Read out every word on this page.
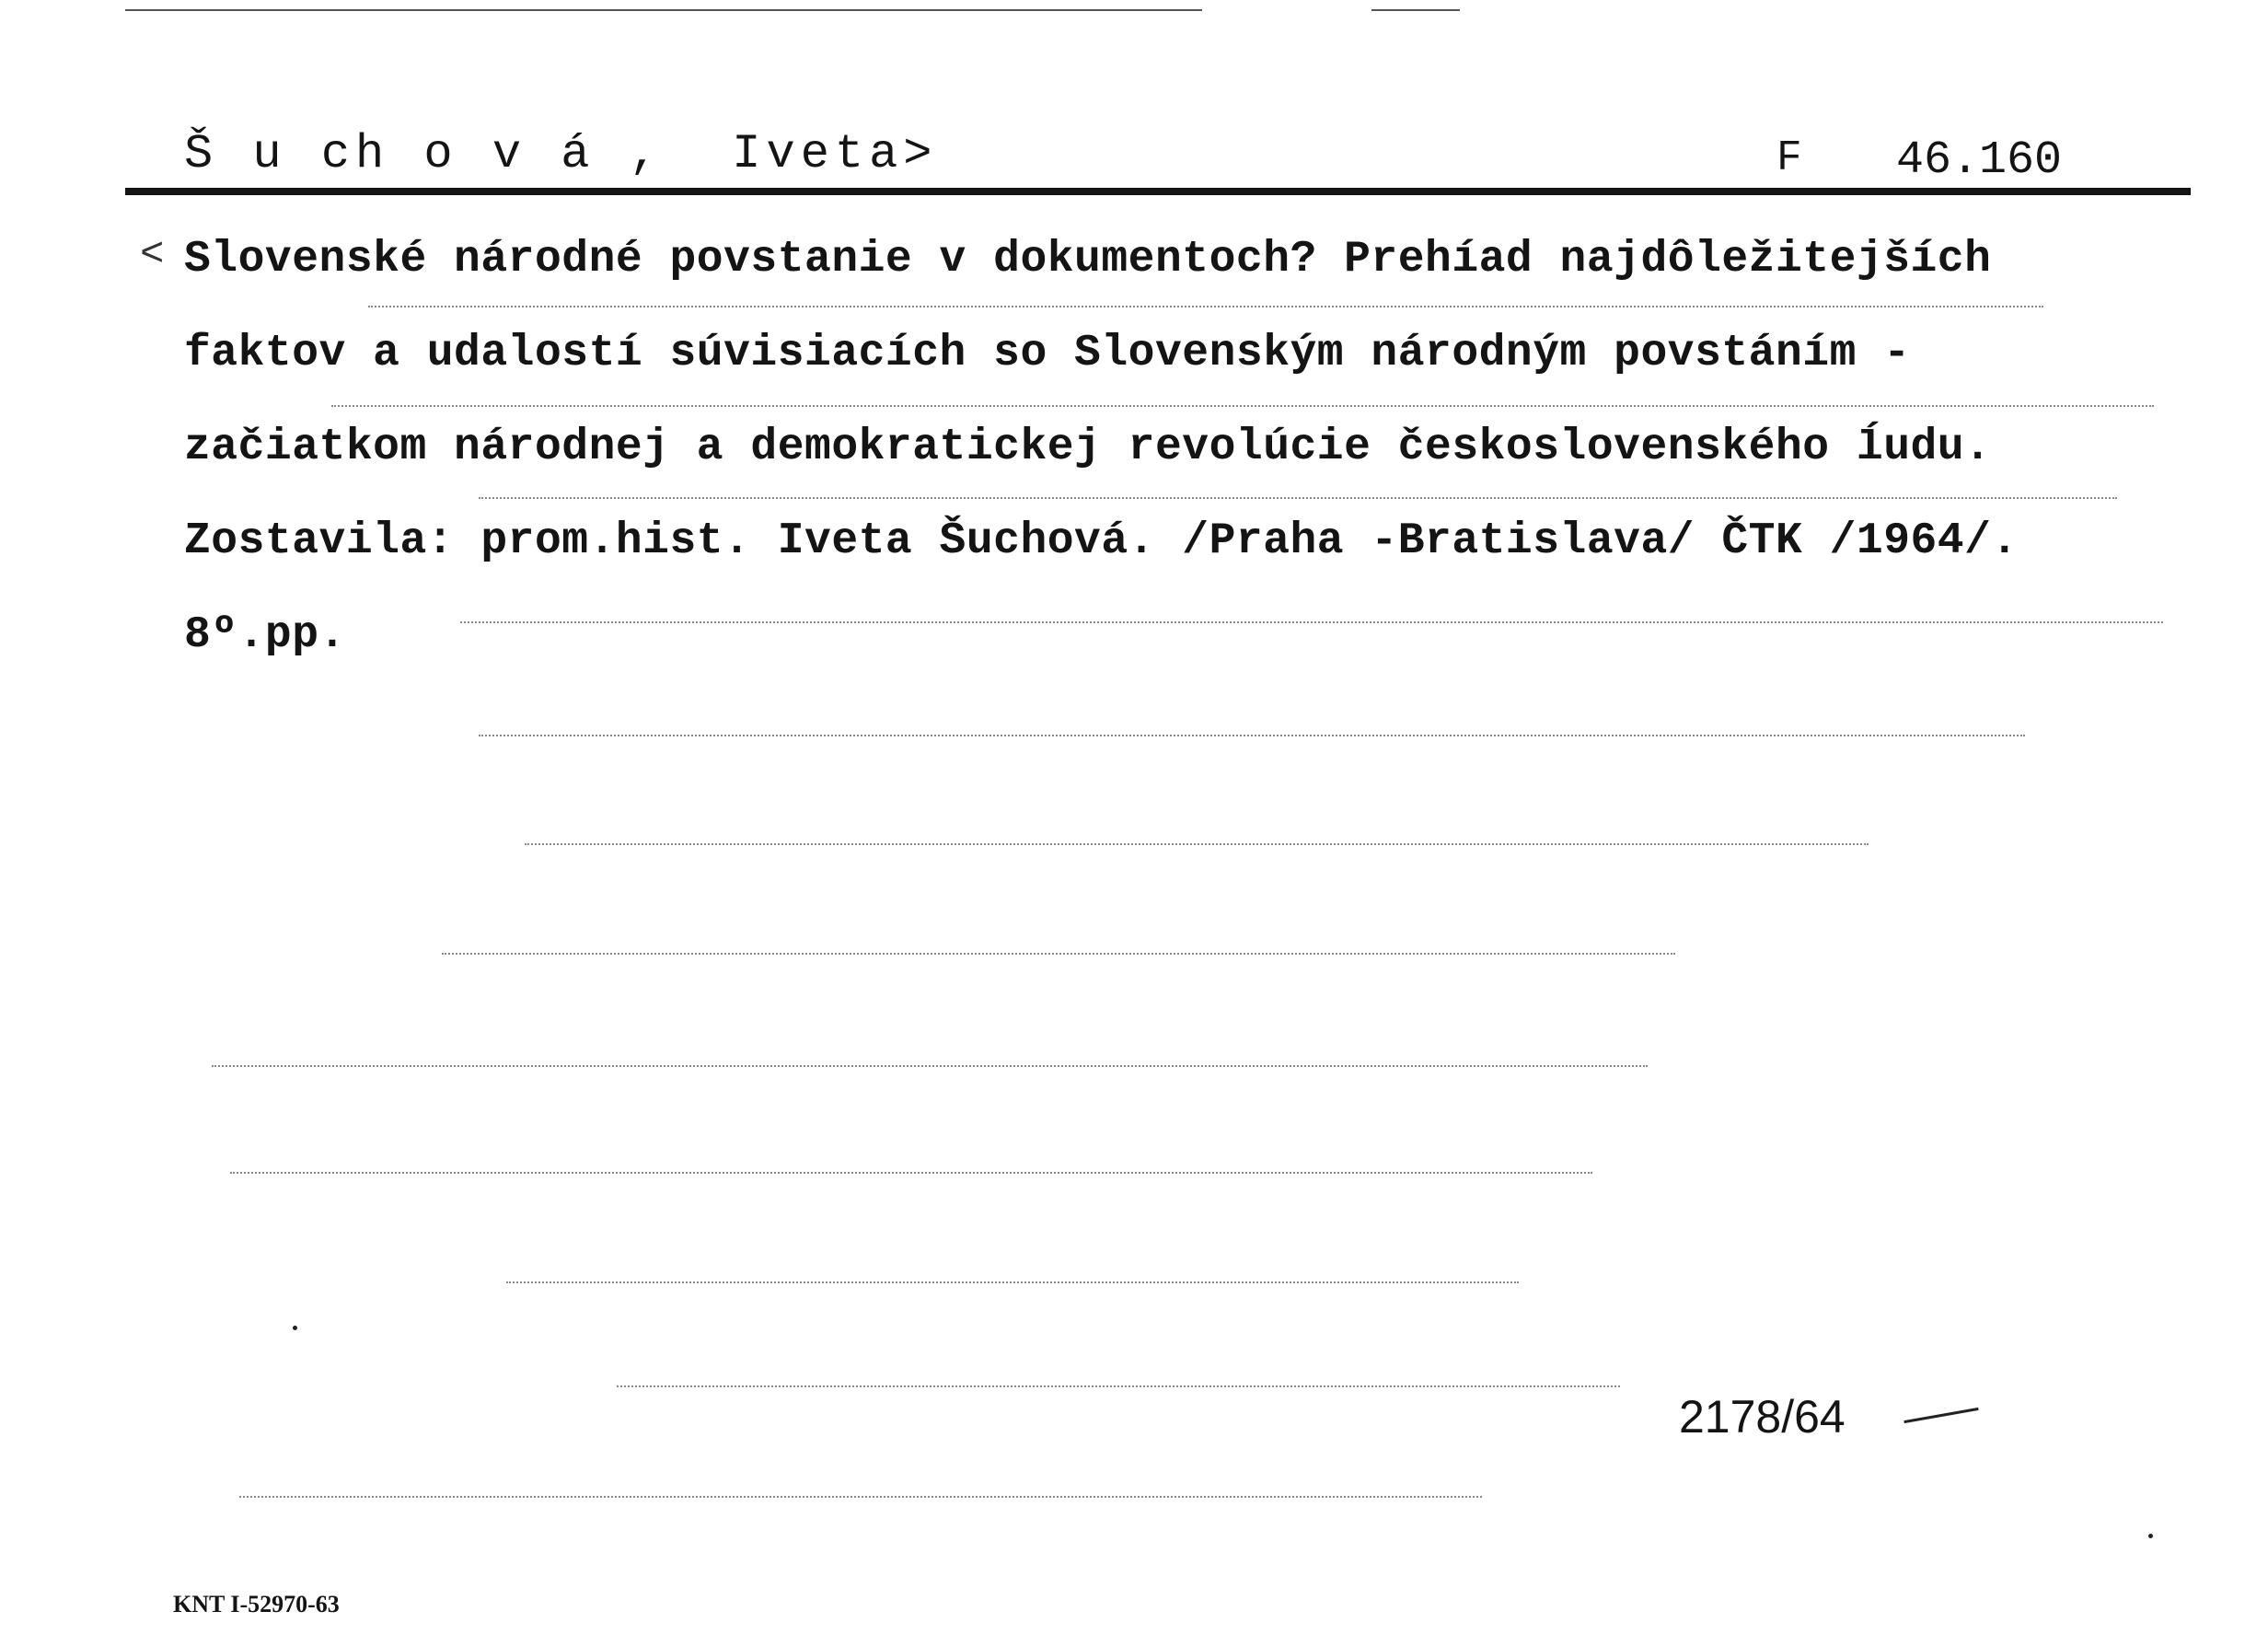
Š u ch o v á ,  Iveta>	F 46.160
< Slovenské národné povstanie v dokumentoch? Prehíad najdôležitejších
faktov a udalostí súvisiacích so Slovenským národným povstáním -
začiatkom národnej a demokratickej revolúcie československého ĺudu.
Zostavila: prom.hist. Iveta Šuchová. /Praha -Bratislava/ ČTK /1964/.
8º.pp.
2178/64
KNT I-52970-63
